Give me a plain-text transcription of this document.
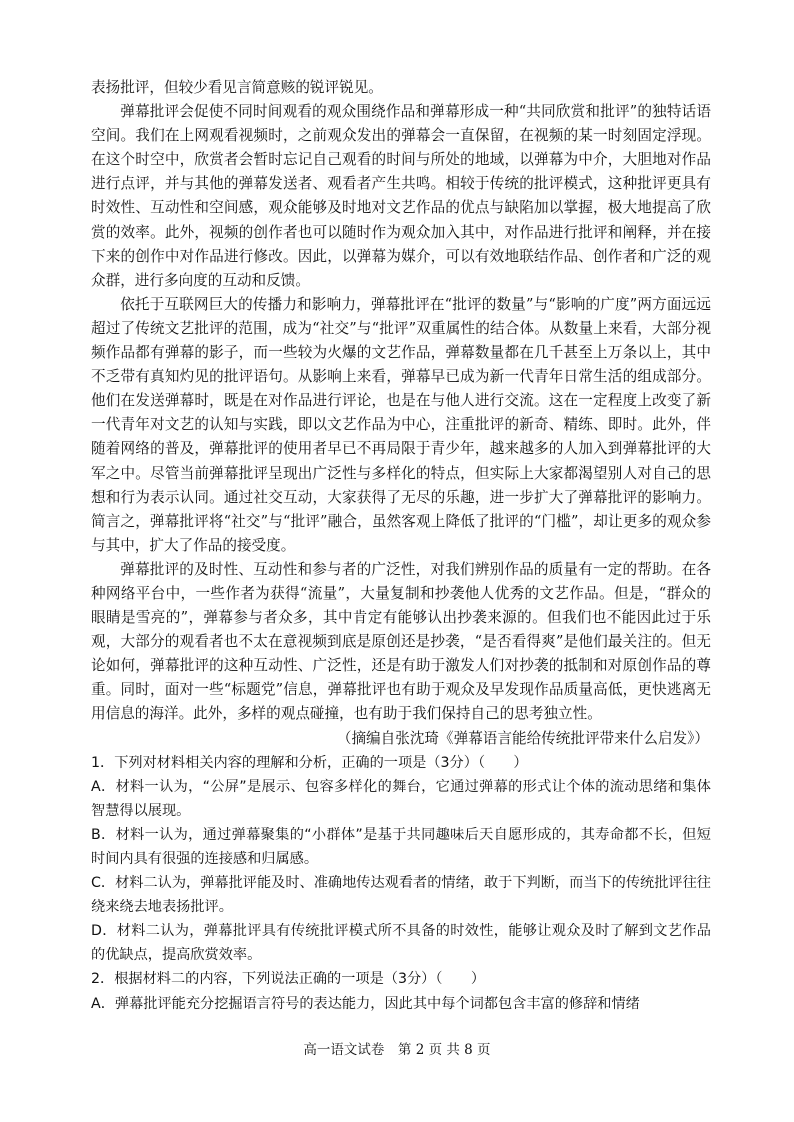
表扬批评，但较少看见言简意赅的锐评锐见。

弹幕批评会促使不同时间观看的观众围绕作品和弹幕形成一种“共同欣赏和批评”的独特话语空间。我们在上网观看视频时，之前观众发出的弹幕会一直保留，在视频的某一时刻固定浮现。在这个时空中，欣赏者会暂时忘记自己观看的时间与所处的地域，以弹幕为中介，大胆地对作品进行点评，并与其他的弹幕发送者、观看者产生共鸣。相较于传统的批评模式，这种批评更具有时效性、互动性和空间感，观众能够及时地对文艺作品的优点与缺陷加以掌握，极大地提高了欣赏的效率。此外，视频的创作者也可以随时作为观众加入其中，对作品进行批评和阐释，并在接下来的创作中对作品进行修改。因此，以弹幕为媒介，可以有效地联结作品、创作者和广泛的观众群，进行多向度的互动和反馈。

依托于互联网巨大的传播力和影响力，弹幕批评在“批评的数量”与“影响的广度”两方面远远超过了传统文艺批评的范围，成为“社交”与“批评”双重属性的结合体。从数量上来看，大部分视频作品都有弹幕的影子，而一些较为火爆的文艺作品，弹幕数量都在几千甚至上万条以上，其中不乏带有真知灼见的批评语句。从影响上来看，弹幕早已成为新一代青年日常生活的组成部分。他们在发送弹幕时，既是在对作品进行评论，也是在与他人进行交流。这在一定程度上改变了新一代青年对文艺的认知与实践，即以文艺作品为中心，注重批评的新奇、精练、即时。此外，伴随着网络的普及，弹幕批评的使用者早已不再局限于青少年，越来越多的人加入到弹幕批评的大军之中。尽管当前弹幕批评呈现出广泛性与多样化的特点，但实际上大家都渴望别人对自己的思想和行为表示认同。通过社交互动，大家获得了无尽的乐趣，进一步扩大了弹幕批评的影响力。简言之，弹幕批评将“社交”与“批评”融合，虽然客观上降低了批评的“门槛”，却让更多的观众参与其中，扩大了作品的接受度。

弹幕批评的及时性、互动性和参与者的广泛性，对我们辨别作品的质量有一定的帮助。在各种网络平台中，一些作者为获得“流量”，大量复制和抄袭他人优秀的文艺作品。但是，“群众的眼睛是雪亮的”，弹幕参与者众多，其中肯定有能够认出抄袭来源的。但我们也不能因此过于乐观，大部分的观看者也不太在意视频到底是原创还是抄袭，“是否看得爽”是他们最关注的。但无论如何，弹幕批评的这种互动性、广泛性，还是有助于激发人们对抄袭的抵制和对原创作品的尊重。同时，面对一些“标题党”信息，弹幕批评也有助于观众及早发现作品质量高低，更快逃离无用信息的海洋。此外，多样的观点碰撞，也有助于我们保持自己的思考独立性。

（摘编自张沈琦《弹幕语言能给传统批评带来什么启发》）

1．下列对材料相关内容的理解和分析，正确的一项是（3分）（　　）

A．材料一认为，“公屏”是展示、包容多样化的舞台，它通过弹幕的形式让个体的流动思绪和集体智慧得以展现。

B．材料一认为，通过弹幕聚集的“小群体”是基于共同趣味后天自愿形成的，其寿命都不长，但短时间内具有很强的连接感和归属感。

C．材料二认为，弹幕批评能及时、准确地传达观看者的情绪，敢于下判断，而当下的传统批评往往绕来绕去地表扬批评。

D．材料二认为，弹幕批评具有传统批评模式所不具备的时效性，能够让观众及时了解到文艺作品的优缺点，提高欣赏效率。

2．根据材料二的内容，下列说法正确的一项是（3分）（　　）

A．弹幕批评能充分挖掘语言符号的表达能力，因此其中每个词都包含丰富的修辞和情绪

高一语文试卷　第 2 页 共 8 页
